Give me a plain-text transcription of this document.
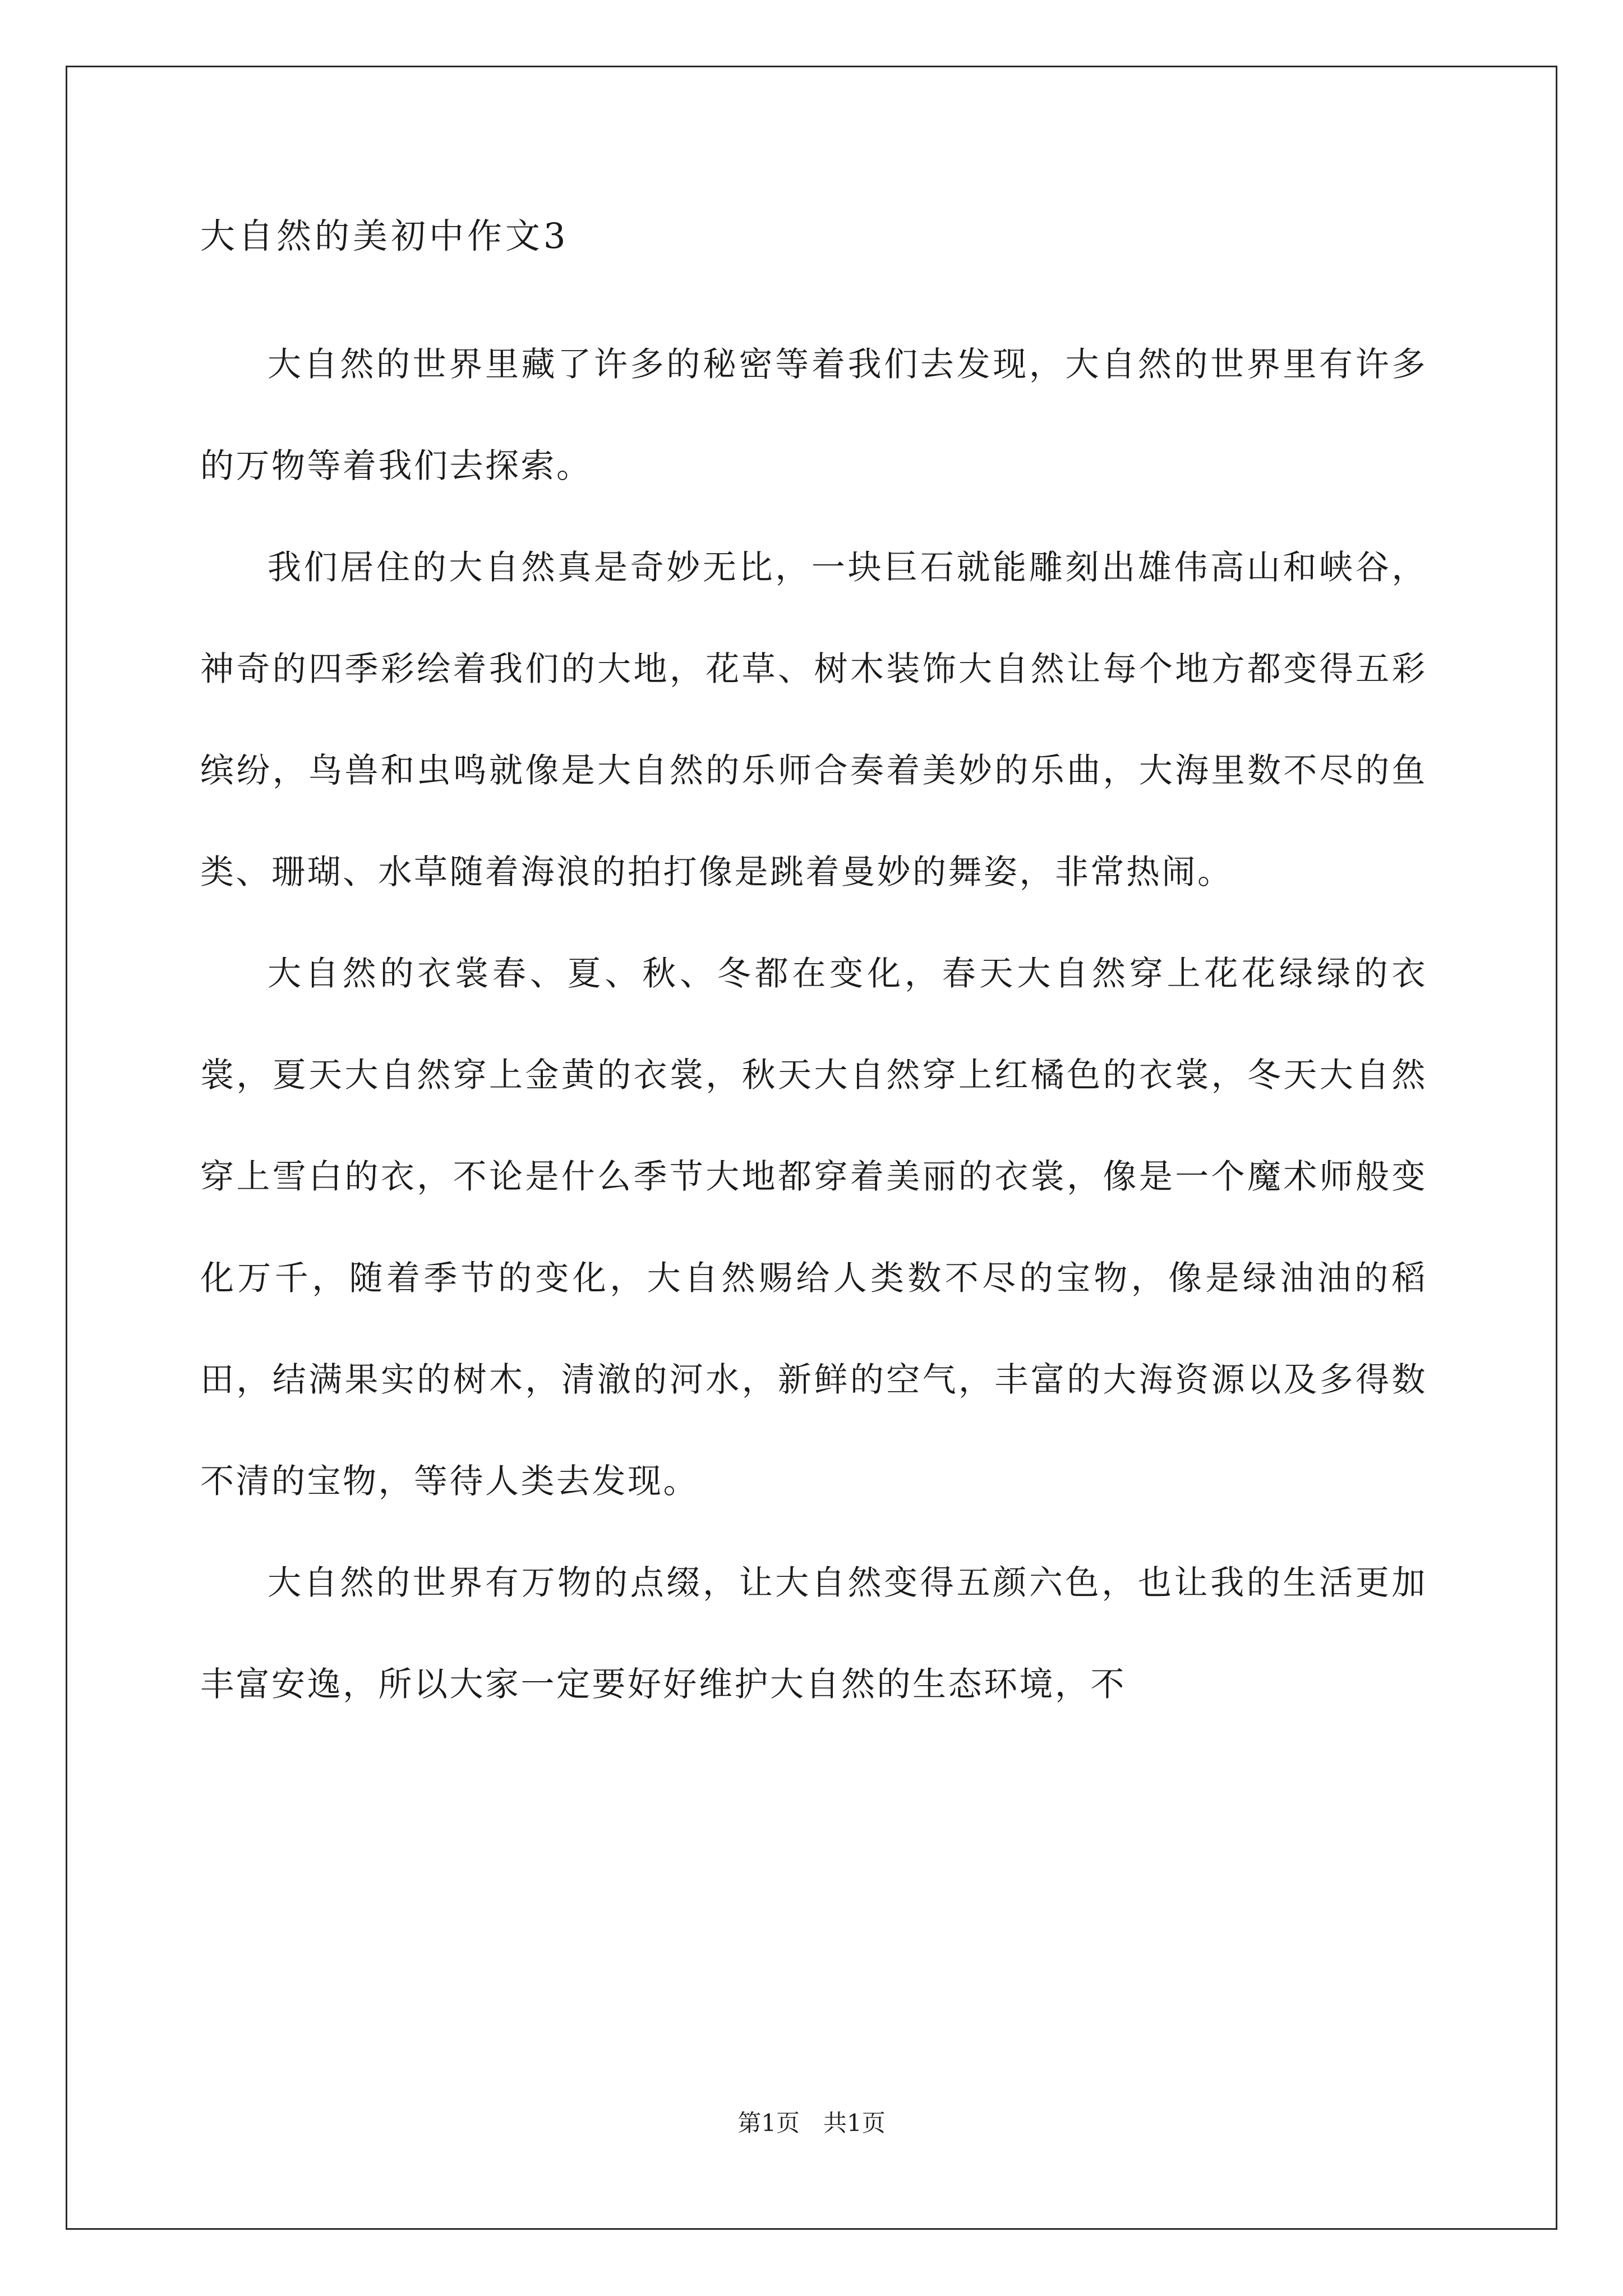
大自然的美初中作文3

大自然的世界里藏了许多的秘密等着我们去发现，大自然的世界里有许多的万物等着我们去探索。

我们居住的大自然真是奇妙无比，一块巨石就能雕刻出雄伟高山和峡谷，神奇的四季彩绘着我们的大地，花草、树木装饰大自然让每个地方都变得五彩缤纷，鸟兽和虫鸣就像是大自然的乐师合奏着美妙的乐曲，大海里数不尽的鱼类、珊瑚、水草随着海浪的拍打像是跳着曼妙的舞姿，非常热闹。

大自然的衣裳春、夏、秋、冬都在变化，春天大自然穿上花花绿绿的衣裳，夏天大自然穿上金黄的衣裳，秋天大自然穿上红橘色的衣裳，冬天大自然穿上雪白的衣，不论是什么季节大地都穿着美丽的衣裳，像是一个魔术师般变化万千，随着季节的变化，大自然赐给人类数不尽的宝物，像是绿油油的稻田，结满果实的树木，清澈的河水，新鲜的空气，丰富的大海资源以及多得数不清的宝物，等待人类去发现。

大自然的世界有万物的点缀，让大自然变得五颜六色，也让我的生活更加丰富安逸，所以大家一定要好好维护大自然的生态环境，不

第1页　共1页
